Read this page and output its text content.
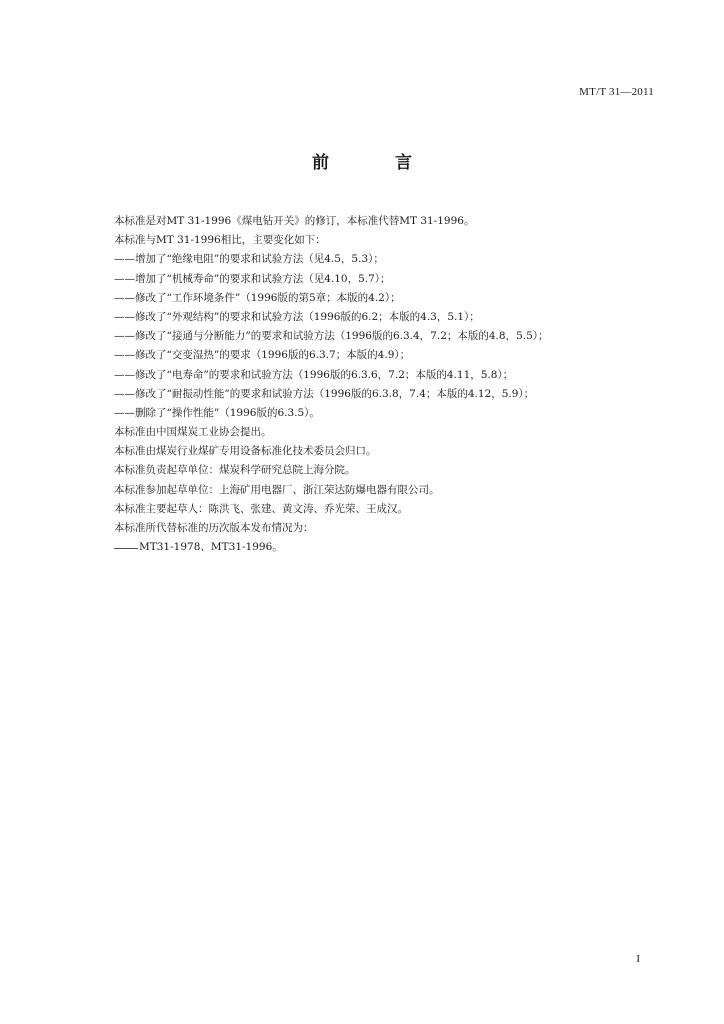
MT/T 31—2011
前 言
本标准是对MT 31-1996《煤电钻开关》的修订，本标准代替MT 31-1996。
本标准与MT 31-1996相比，主要变化如下：
——增加了“绝缘电阻”的要求和试验方法（见4.5，5.3）；
——增加了“机械寿命”的要求和试验方法（见4.10，5.7）；
——修改了“工作环境条件”（1996版的第5章；本版的4.2）；
——修改了“外观结构”的要求和试验方法（1996版的6.2；本版的4.3，5.1）；
——修改了“接通与分断能力”的要求和试验方法（1996版的6.3.4，7.2；本版的4.8，5.5）；
——修改了“交变湿热”的要求（1996版的6.3.7；本版的4.9）；
——修改了“电寿命”的要求和试验方法（1996版的6.3.6，7.2；本版的4.11，5.8）；
——修改了“耐振动性能”的要求和试验方法（1996版的6.3.8，7.4；本版的4.12，5.9）；
——删除了“操作性能”（1996版的6.3.5）。
本标准由中国煤炭工业协会提出。
本标准由煤炭行业煤矿专用设备标准化技术委员会归口。
本标准负责起草单位：煤炭科学研究总院上海分院。
本标准参加起草单位：上海矿用电器厂、浙江荣达防爆电器有限公司。
本标准主要起草人：陈洪飞、张建、黄文涛、乔光荣、王成汉。
本标准所代替标准的历次版本发布情况为：
MT31-1978、MT31-1996。
I
